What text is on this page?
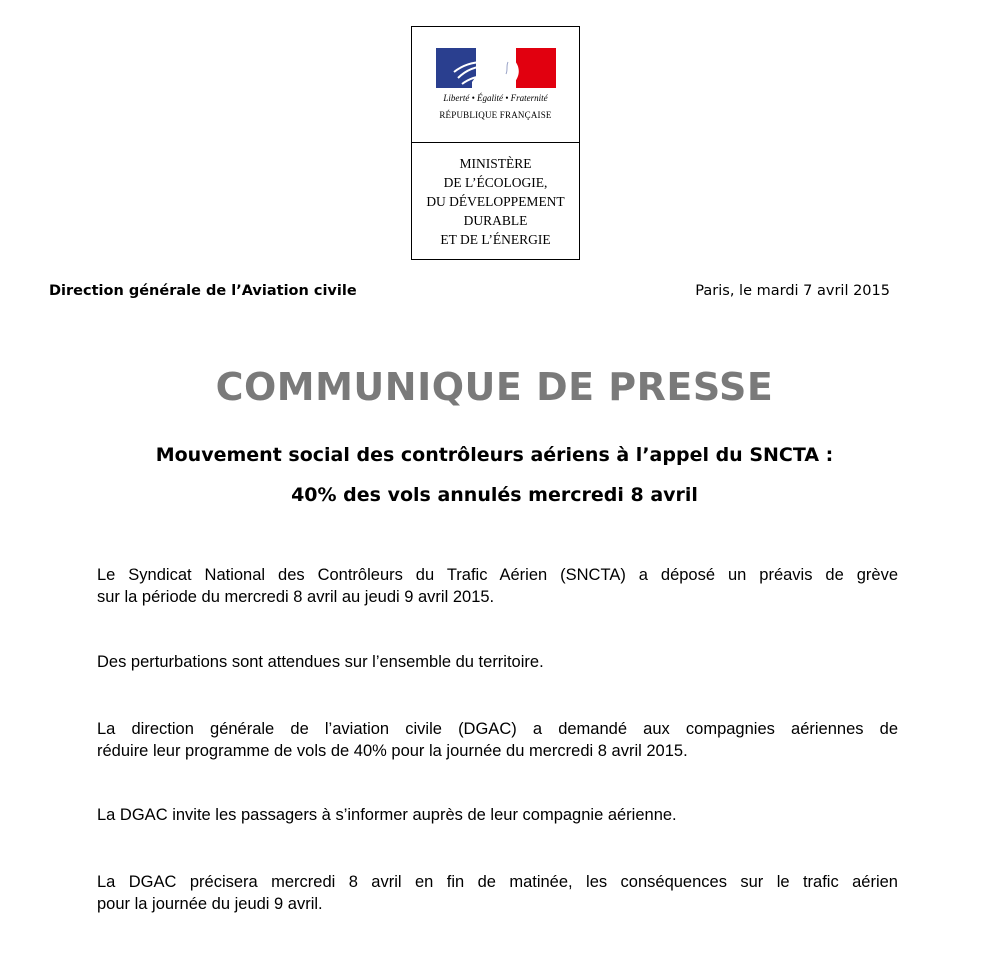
Liberté • Égalité • Fraternité
RÉPUBLIQUE FRANÇAISE
MINISTÈRE
DE L’ÉCOLOGIE,
DU DÉVELOPPEMENT
DURABLE
ET DE L’ÉNERGIE
Direction générale de l’Aviation civile	Paris, le mardi 7 avril 2015
COMMUNIQUE DE PRESSE
Mouvement social des contrôleurs aériens à l’appel du SNCTA :
40% des vols annulés mercredi 8 avril
Le Syndicat National des Contrôleurs du Trafic Aérien (SNCTA) a déposé un préavis de grève
sur la période du mercredi 8 avril au jeudi 9 avril 2015.
Des perturbations sont attendues sur l’ensemble du territoire.
La direction générale de l’aviation civile (DGAC) a demandé aux compagnies aériennes de
réduire leur programme de vols de 40% pour la journée du mercredi 8 avril 2015.
La DGAC invite les passagers à s’informer auprès de leur compagnie aérienne.
La DGAC précisera mercredi 8 avril en fin de matinée, les conséquences sur le trafic aérien
pour la journée du jeudi 9 avril.
